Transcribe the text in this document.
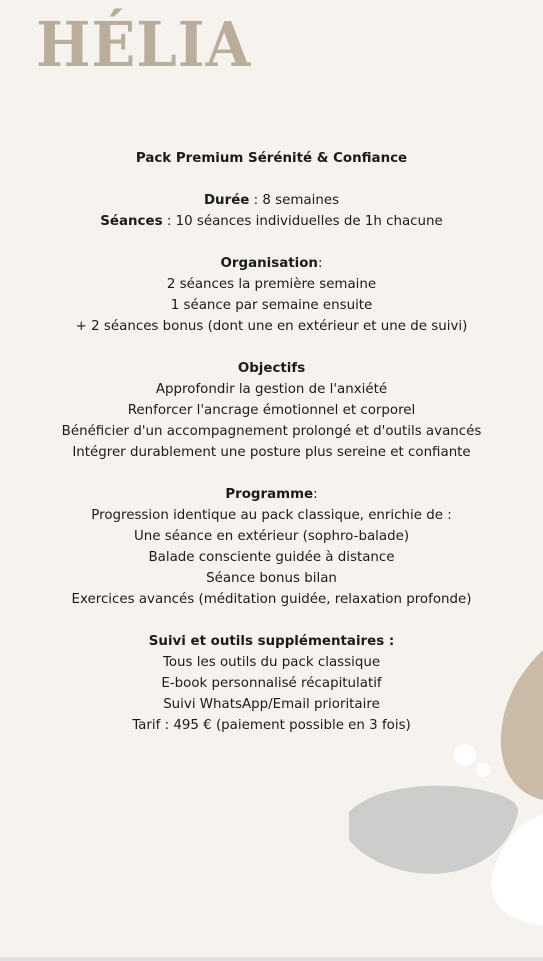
HÉLIA
Pack Premium Sérénité & Confiance
Durée : 8 semaines
Séances : 10 séances individuelles de 1h chacune
Organisation:
2 séances la première semaine
1 séance par semaine ensuite
+ 2 séances bonus (dont une en extérieur et une de suivi)
Objectifs
Approfondir la gestion de l'anxiété
Renforcer l'ancrage émotionnel et corporel
Bénéficier d'un accompagnement prolongé et d'outils avancés
Intégrer durablement une posture plus sereine et confiante
Programme:
Progression identique au pack classique, enrichie de :
Une séance en extérieur (sophro-balade)
Balade consciente guidée à distance
Séance bonus bilan
Exercices avancés (méditation guidée, relaxation profonde)
Suivi et outils supplémentaires :
Tous les outils du pack classique
E-book personnalisé récapitulatif
Suivi WhatsApp/Email prioritaire
Tarif : 495 € (paiement possible en 3 fois)
